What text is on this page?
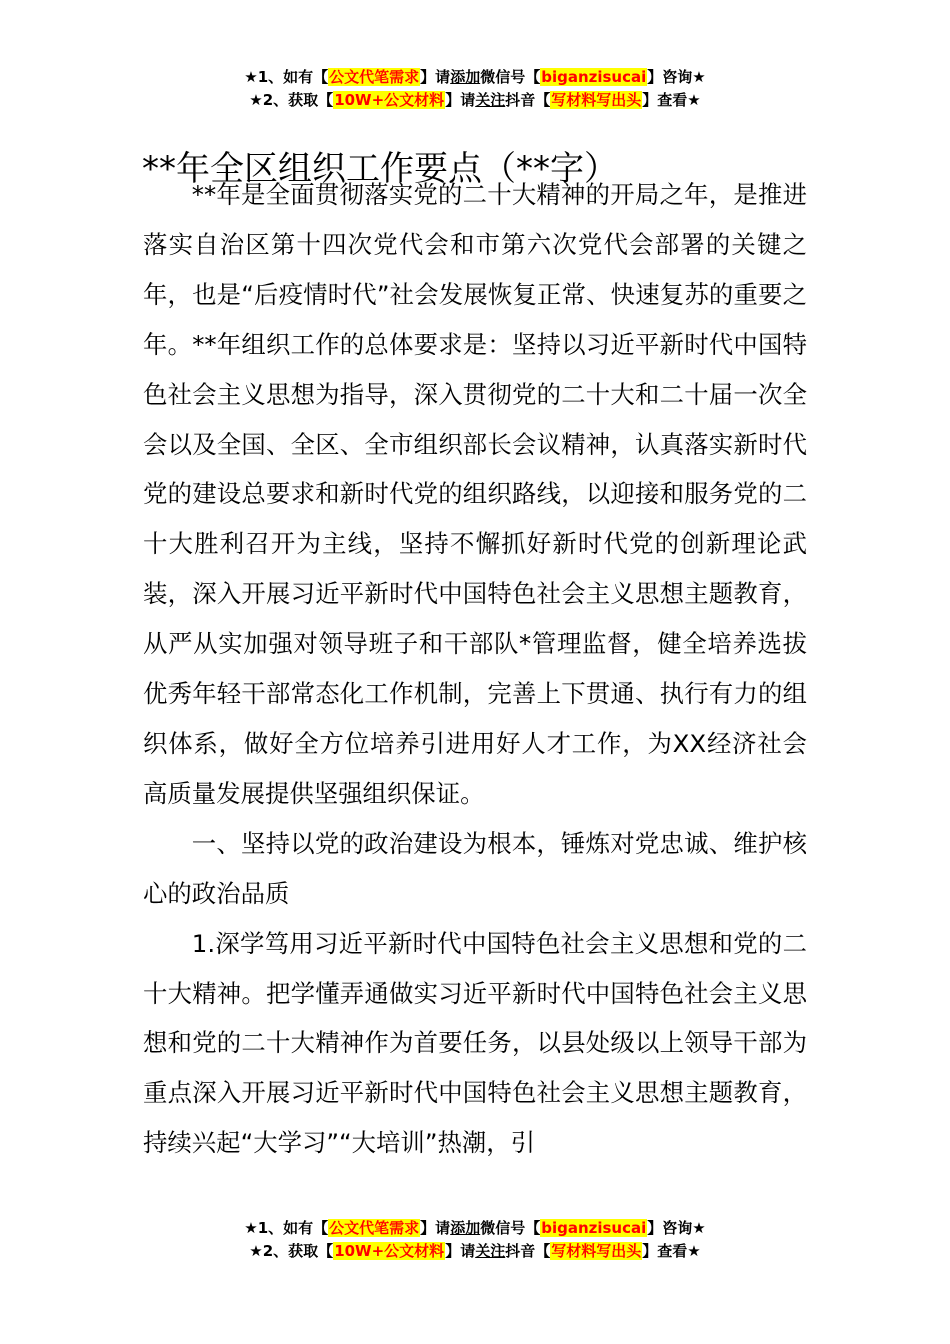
★1、如有【公文代笔需求】请添加微信号【biganzisucai】咨询★
★2、获取【10W+公文材料】请关注抖音【写材料写出头】查看★
**年全区组织工作要点（**字）

**年是全面贯彻落实党的二十大精神的开局之年，是推进落实自治区第十四次党代会和市第六次党代会部署的关键之年，也是“后疫情时代”社会发展恢复正常、快速复苏的重要之年。**年组织工作的总体要求是：坚持以习近平新时代中国特色社会主义思想为指导，深入贯彻党的二十大和二十届一次全会以及全国、全区、全市组织部长会议精神，认真落实新时代党的建设总要求和新时代党的组织路线，以迎接和服务党的二十大胜利召开为主线，坚持不懈抓好新时代党的创新理论武装，深入开展习近平新时代中国特色社会主义思想主题教育，从严从实加强对领导班子和干部队*管理监督，健全培养选拔优秀年轻干部常态化工作机制，完善上下贯通、执行有力的组织体系，做好全方位培养引进用好人才工作，为XX经济社会高质量发展提供坚强组织保证。

一、坚持以党的政治建设为根本，锤炼对党忠诚、维护核心的政治品质

1.深学笃用习近平新时代中国特色社会主义思想和党的二十大精神。把学懂弄通做实习近平新时代中国特色社会主义思想和党的二十大精神作为首要任务，以县处级以上领导干部为重点深入开展习近平新时代中国特色社会主义思想主题教育，持续兴起“大学习”“大培训”热潮，引

★1、如有【公文代笔需求】请添加微信号【biganzisucai】咨询★
★2、获取【10W+公文材料】请关注抖音【写材料写出头】查看★
